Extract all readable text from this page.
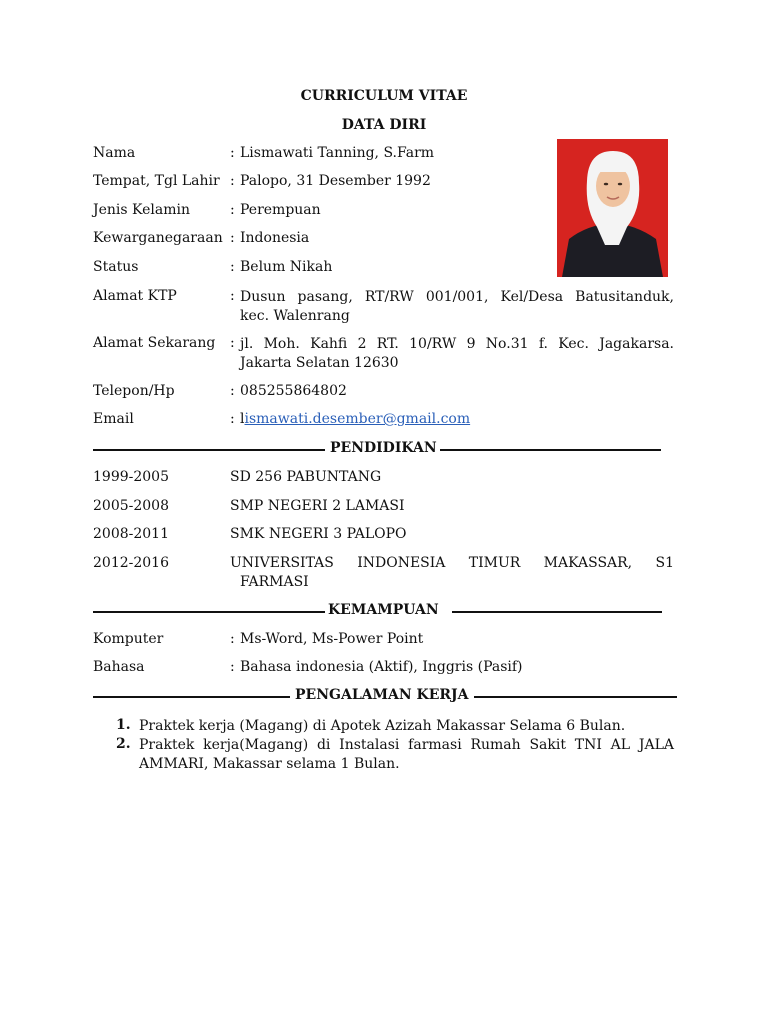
CURRICULUM VITAE
DATA DIRI
Nama	: Lismawati Tanning, S.Farm
Tempat, Tgl Lahir : Palopo, 31 Desember 1992
Jenis Kelamin	: Perempuan
Kewarganegaraan : Indonesia
Status	: Belum Nikah
Alamat KTP	: Dusun pasang, RT/RW 001/001, Kel/Desa Batusitanduk,
kec. Walenrang
Alamat Sekarang	: jl. Moh. Kahfi 2 RT. 10/RW 9 No.31 f. Kec. Jagakarsa.
Jakarta Selatan 12630
Telepon/Hp	: 085255864802
Email	: lismawati.desember@gmail.com
PENDIDIKAN
1999-2005	SD 256 PABUNTANG
2005-2008	SMP NEGERI 2 LAMASI
2008-2011	SMK NEGERI 3 PALOPO
2012-2016	UNIVERSITAS INDONESIA TIMUR MAKASSAR, S1
FARMASI
KEMAMPUAN
Komputer	: Ms-Word, Ms-Power Point
Bahasa	: Bahasa indonesia (Aktif), Inggris (Pasif)
PENGALAMAN KERJA
1. Praktek kerja (Magang) di Apotek Azizah Makassar Selama 6 Bulan.
2. Praktek kerja(Magang) di Instalasi farmasi Rumah Sakit TNI AL JALA
AMMARI, Makassar selama 1 Bulan.
